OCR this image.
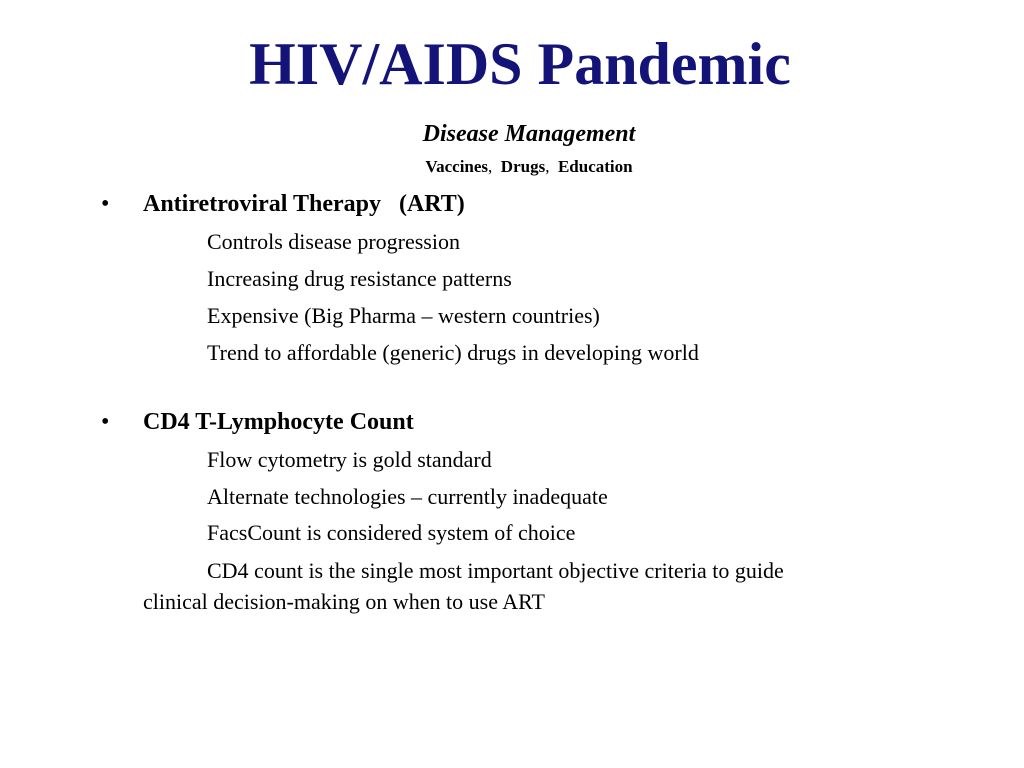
HIV/AIDS Pandemic
Disease Management
Vaccines, Drugs, Education
• Antiretroviral Therapy   (ART)
Controls disease progression
Increasing drug resistance patterns
Expensive (Big Pharma – western countries)
Trend to affordable (generic) drugs in developing world
• CD4 T-Lymphocyte Count
Flow cytometry is gold standard
Alternate technologies – currently inadequate
FacsCount is considered system of choice
CD4 count is the single most important objective criteria to guide
clinical decision-making on when to use ART
